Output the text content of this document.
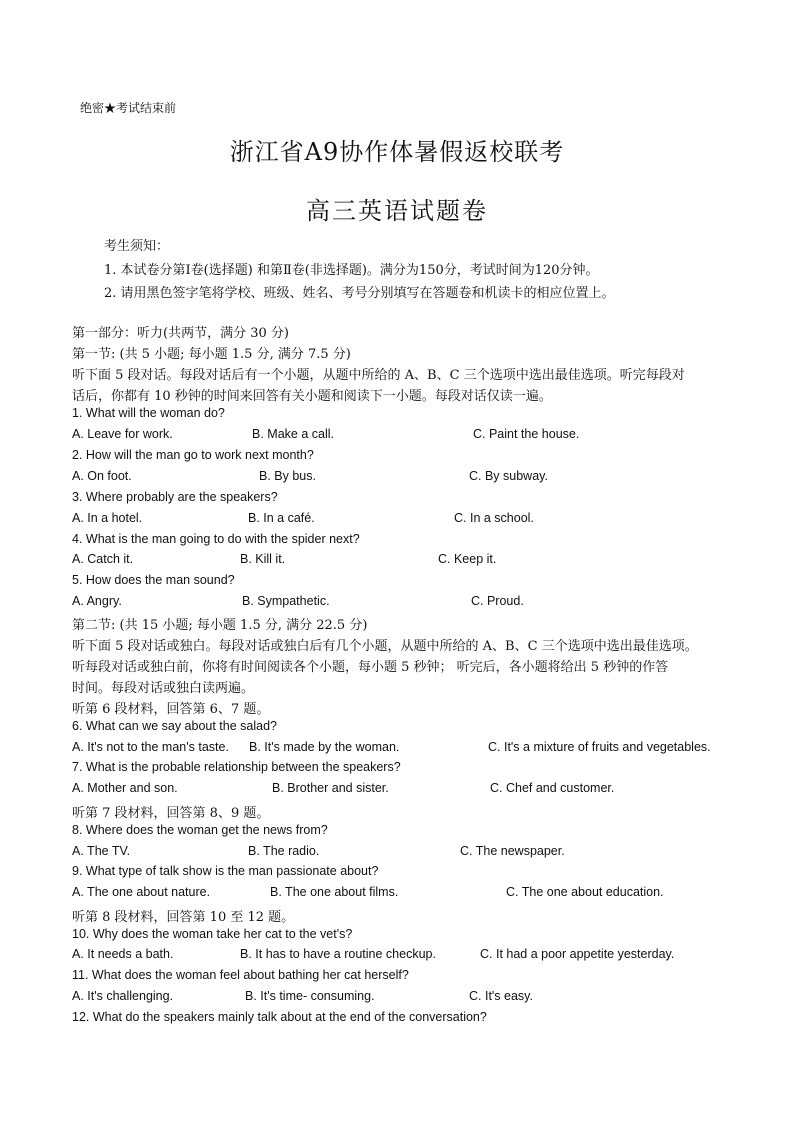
绝密★考试结束前
浙江省A9协作体暑假返校联考
高三英语试题卷
考生须知：
1. 本试卷分第Ⅰ卷(选择题) 和第Ⅱ卷(非选择题)。满分为150分，考试时间为120分钟。
2. 请用黑色签字笔将学校、班级、姓名、考号分别填写在答题卷和机读卡的相应位置上。
第一部分：听力(共两节，满分 30 分)
第一节: (共 5 小题; 每小题 1.5 分, 满分 7.5 分)
听下面 5 段对话。每段对话后有一个小题，从题中所给的 A、B、C 三个选项中选出最佳选项。听完每段对
话后，你都有 10 秒钟的时间来回答有关小题和阅读下一小题。每段对话仅读一遍。
1. What will the woman do?
A. Leave for work.	B. Make a call.	C. Paint the house.
2. How will the man go to work next month?
A. On foot.	B. By bus.	C. By subway.
3. Where probably are the speakers?
A. In a hotel.	B. In a café.	C. In a school.
4. What is the man going to do with the spider next?
A. Catch it.	B. Kill it.	C. Keep it.
5. How does the man sound?
A. Angry.	B. Sympathetic.	C. Proud.
第二节: (共 15 小题; 每小题 1.5 分, 满分 22.5 分)
听下面 5 段对话或独白。每段对话或独白后有几个小题，从题中所给的 A、B、C 三个选项中选出最佳选项。
听每段对话或独白前，你将有时间阅读各个小题，每小题 5 秒钟； 听完后，各小题将给出 5 秒钟的作答
时间。每段对话或独白读两遍。
听第 6 段材料，回答第 6、7 题。
6. What can we say about the salad?
A. It's not to the man's taste. B. It's made by the woman.	C. It's a mixture of fruits and vegetables.
7. What is the probable relationship between the speakers?
A. Mother and son.	B. Brother and sister.	C. Chef and customer.
听第 7 段材料，回答第 8、9 题。
8. Where does the woman get the news from?
A. The TV.	B. The radio.	C. The newspaper.
9. What type of talk show is the man passionate about?
A. The one about nature.	B. The one about films.	C. The one about education.
听第 8 段材料，回答第 10 至 12 题。
10. Why does the woman take her cat to the vet's?
A. It needs a bath.	B. It has to have a routine checkup.	C. It had a poor appetite yesterday.
11. What does the woman feel about bathing her cat herself?
A. It's challenging.	B. It's time- consuming.	C. It's easy.
12. What do the speakers mainly talk about at the end of the conversation?
